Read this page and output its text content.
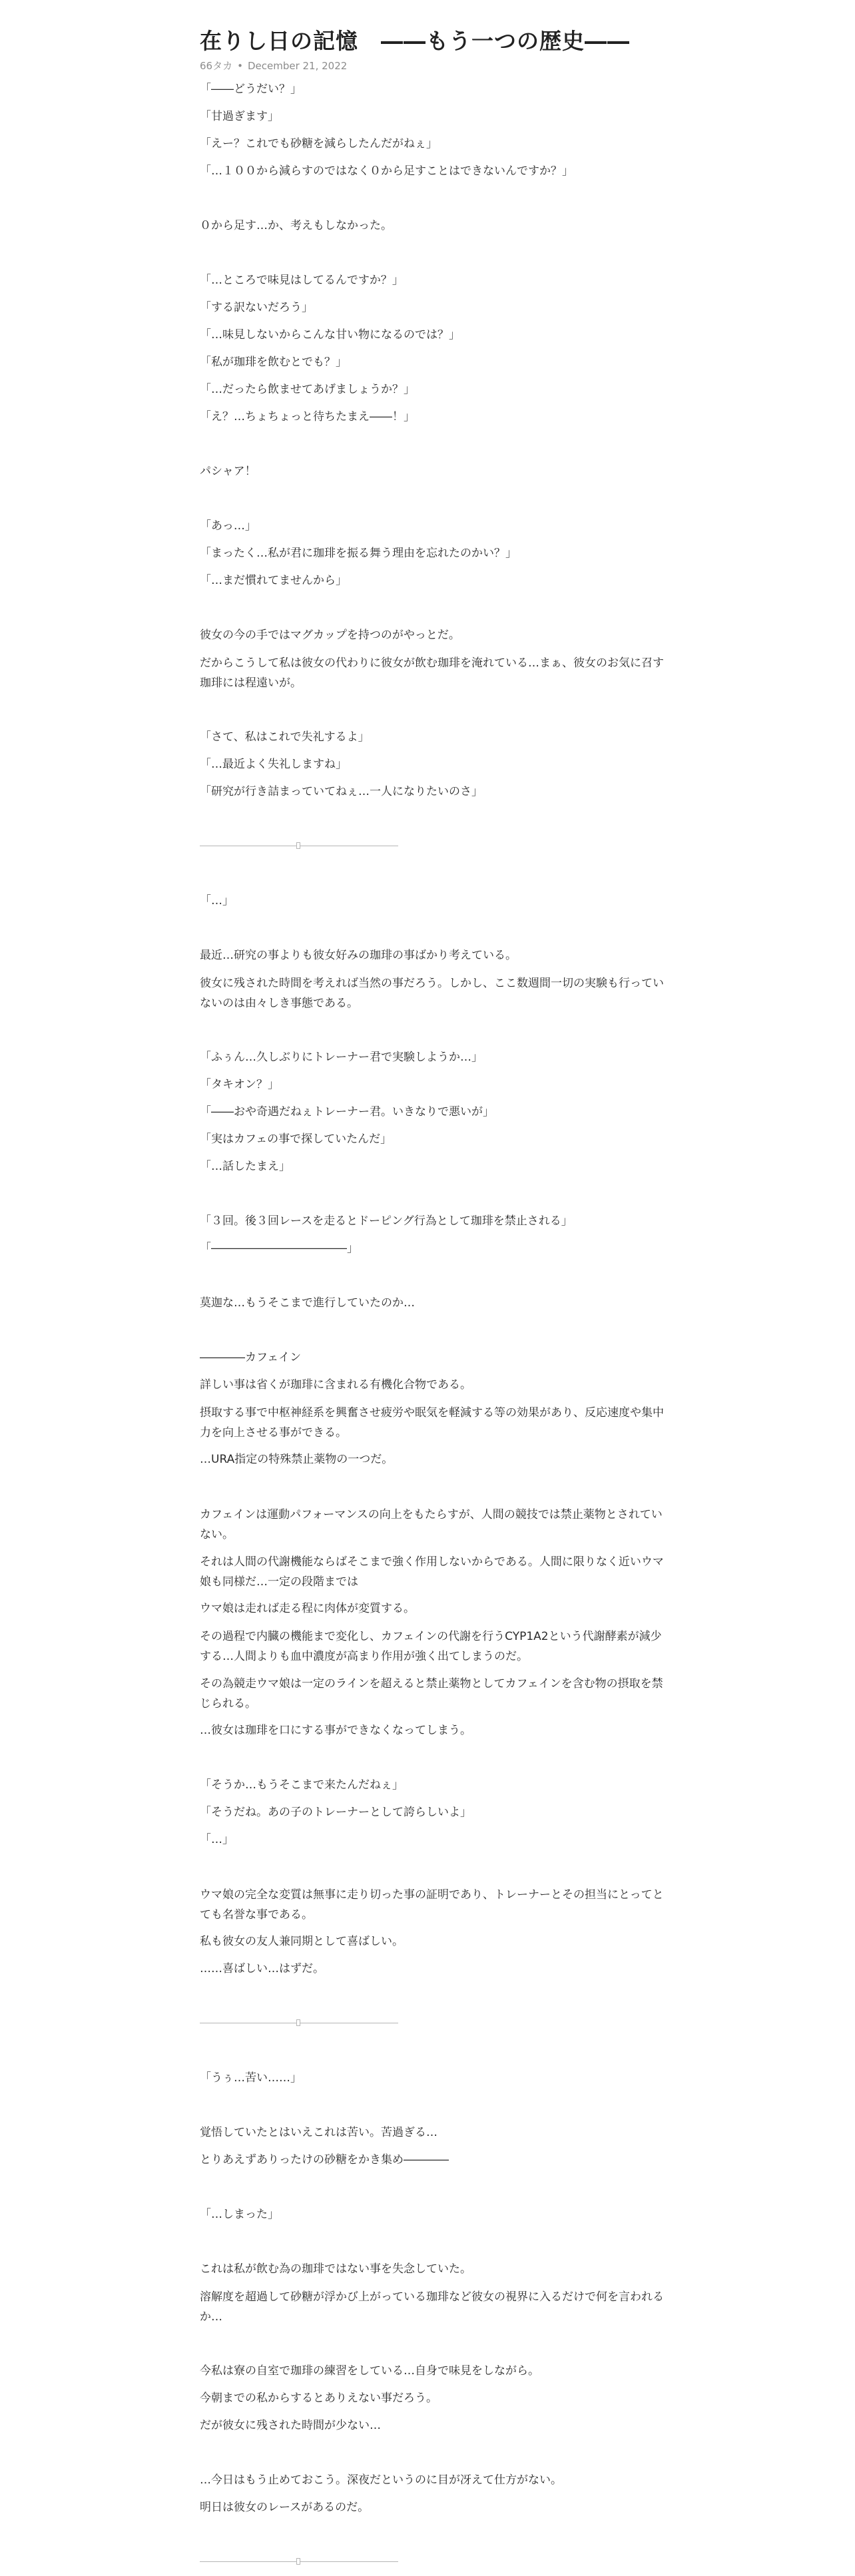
在りし日の記憶　――もう一つの歴史――
66タカ • December 21, 2022
「――どうだい？」
「甘過ぎます」
「えー？これでも砂糖を減らしたんだがねぇ」
「…１００から減らすのではなく０から足すことはできないんですか？」
０から足す…か、考えもしなかった。
「…ところで味見はしてるんですか？」
「する訳ないだろう」
「…味見しないからこんな甘い物になるのでは？」
「私が珈琲を飲むとでも？」
「…だったら飲ませてあげましょうか？」
「え？…ちょちょっと待ちたまえ――！」
パシャア！
「あっ…」
「まったく…私が君に珈琲を振る舞う理由を忘れたのかい？」
「…まだ慣れてませんから」
彼女の今の手ではマグカップを持つのがやっとだ。
だからこうして私は彼女の代わりに彼女が飲む珈琲を淹れている…まぁ、彼女のお気に召す珈琲には程遠いが。
「さて、私はこれで失礼するよ」
「…最近よく失礼しますね」
「研究が行き詰まっていてねぇ…一人になりたいのさ」
「…」
最近…研究の事よりも彼女好みの珈琲の事ばかり考えている。
彼女に残された時間を考えれば当然の事だろう。しかし、ここ数週間一切の実験も行っていないのは由々しき事態である。
「ふぅん…久しぶりにトレーナー君で実験しようか…」
「タキオン？」
「――おや奇遇だねぇトレーナー君。いきなりで悪いが」
「実はカフェの事で探していたんだ」
「…話したまえ」
「３回。後３回レースを走るとドーピング行為として珈琲を禁止される」
「――――――――――――」
莫迦な…もうそこまで進行していたのか…
――――カフェイン
詳しい事は省くが珈琲に含まれる有機化合物である。
摂取する事で中枢神経系を興奮させ疲労や眠気を軽減する等の効果があり、反応速度や集中力を向上させる事ができる。
…URA指定の特殊禁止薬物の一つだ。
カフェインは運動パフォーマンスの向上をもたらすが、人間の競技では禁止薬物とされていない。
それは人間の代謝機能ならばそこまで強く作用しないからである。人間に限りなく近いウマ娘も同様だ…一定の段階までは
ウマ娘は走れば走る程に肉体が変質する。
その過程で内臓の機能まで変化し、カフェインの代謝を行うCYP1A2という代謝酵素が減少する…人間よりも血中濃度が高まり作用が強く出てしまうのだ。
その為競走ウマ娘は一定のラインを超えると禁止薬物としてカフェインを含む物の摂取を禁じられる。
…彼女は珈琲を口にする事ができなくなってしまう。
「そうか…もうそこまで来たんだねぇ」
「そうだね。あの子のトレーナーとして誇らしいよ」
「…」
ウマ娘の完全な変質は無事に走り切った事の証明であり、トレーナーとその担当にとってとても名誉な事である。
私も彼女の友人兼同期として喜ばしい。
……喜ばしい…はずだ。
「うぅ…苦い……」
覚悟していたとはいえこれは苦い。苦過ぎる…
とりあえずありったけの砂糖をかき集め――――
「…しまった」
これは私が飲む為の珈琲ではない事を失念していた。
溶解度を超過して砂糖が浮かび上がっている珈琲など彼女の視界に入るだけで何を言われるか…
今私は寮の自室で珈琲の練習をしている…自身で味見をしながら。
今朝までの私からするとありえない事だろう。
だが彼女に残された時間が少ない…
…今日はもう止めておこう。深夜だというのに目が冴えて仕方がない。
明日は彼女のレースがあるのだ。
